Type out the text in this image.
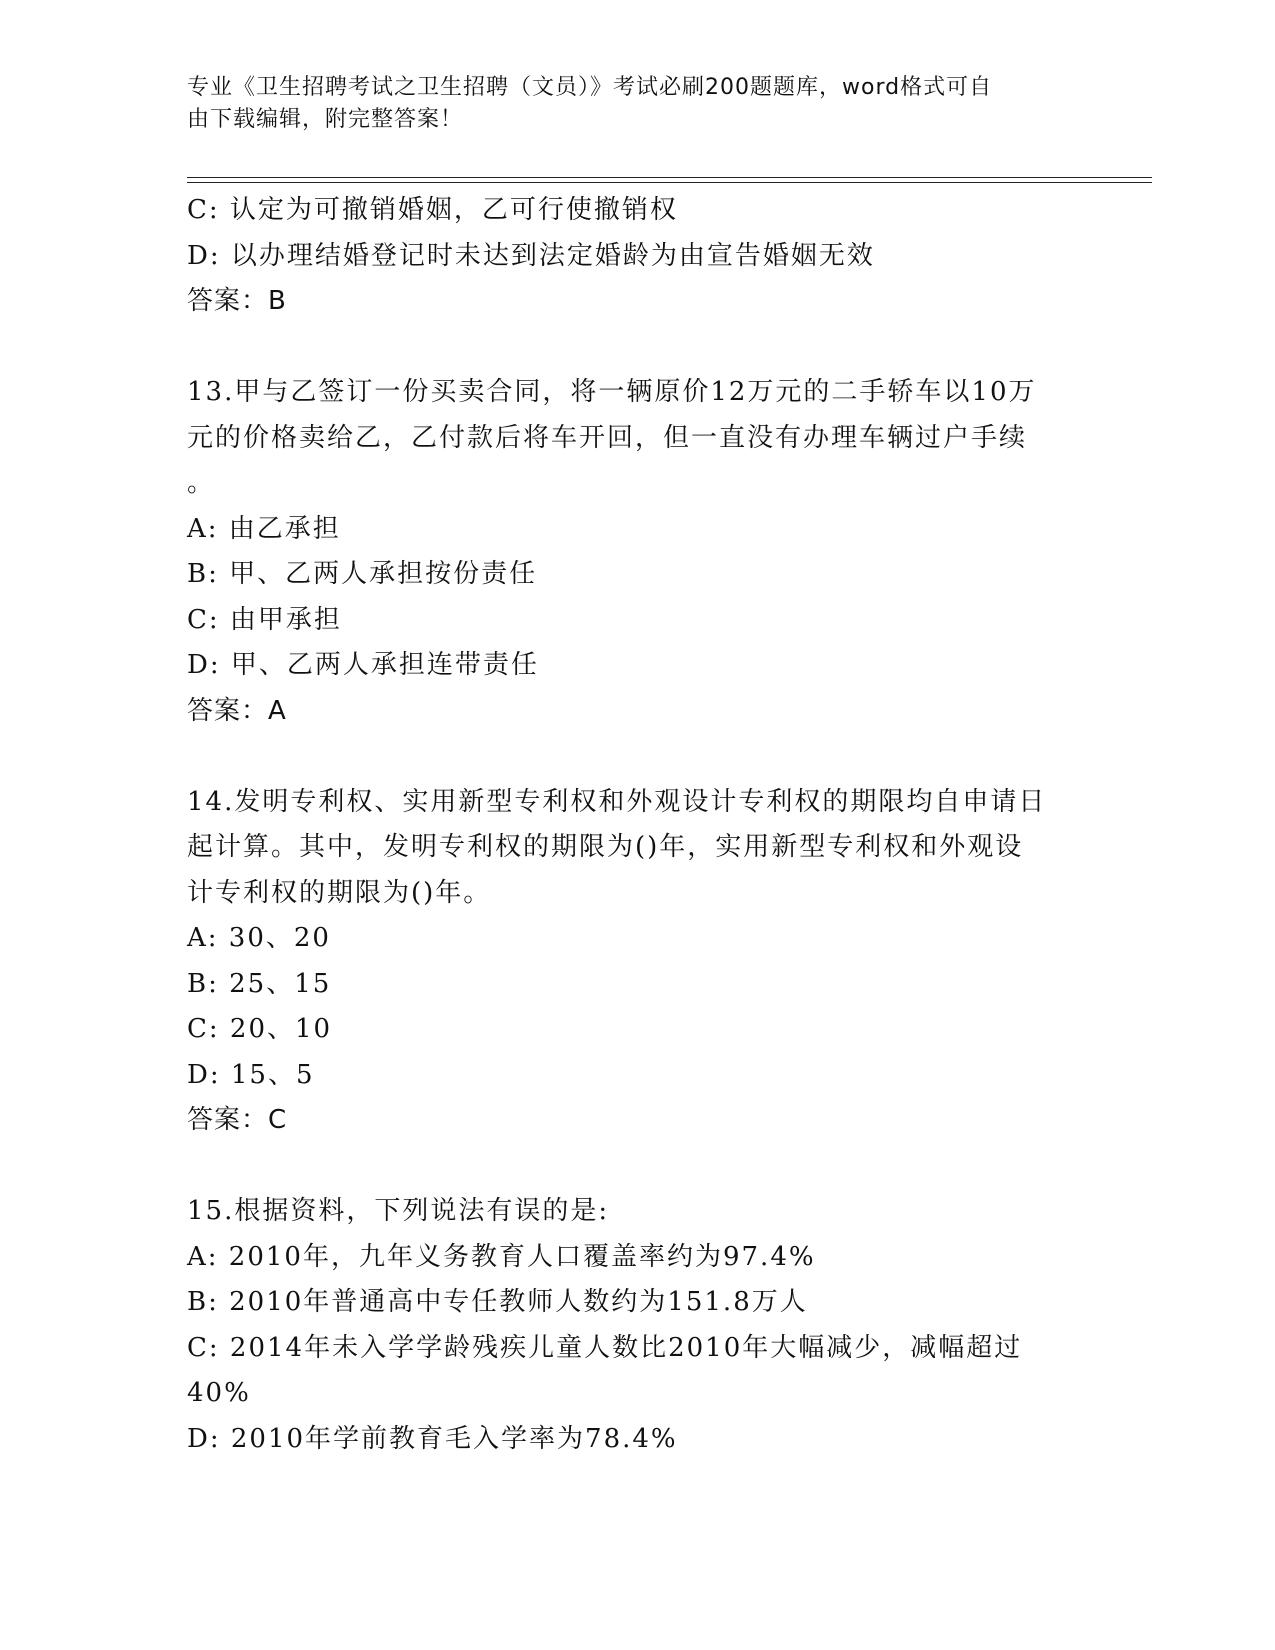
专业《卫生招聘考试之卫生招聘（文员）》考试必刷200题题库，word格式可自
由下载编辑，附完整答案！
C: 认定为可撤销婚姻，乙可行使撤销权
D: 以办理结婚登记时未达到法定婚龄为由宣告婚姻无效
答案：B
13.甲与乙签订一份买卖合同，将一辆原价12万元的二手轿车以10万
元的价格卖给乙，乙付款后将车开回，但一直没有办理车辆过户手续
。
A: 由乙承担
B: 甲、乙两人承担按份责任
C: 由甲承担
D: 甲、乙两人承担连带责任
答案：A
14.发明专利权、实用新型专利权和外观设计专利权的期限均自申请日
起计算。其中，发明专利权的期限为()年，实用新型专利权和外观设
计专利权的期限为()年。
A: 30、20
B: 25、15
C: 20、10
D: 15、5
答案：C
15.根据资料，下列说法有误的是:
A: 2010年，九年义务教育人口覆盖率约为97.4%
B: 2010年普通高中专任教师人数约为151.8万人
C: 2014年未入学学龄残疾儿童人数比2010年大幅减少，减幅超过
40%
D: 2010年学前教育毛入学率为78.4%
